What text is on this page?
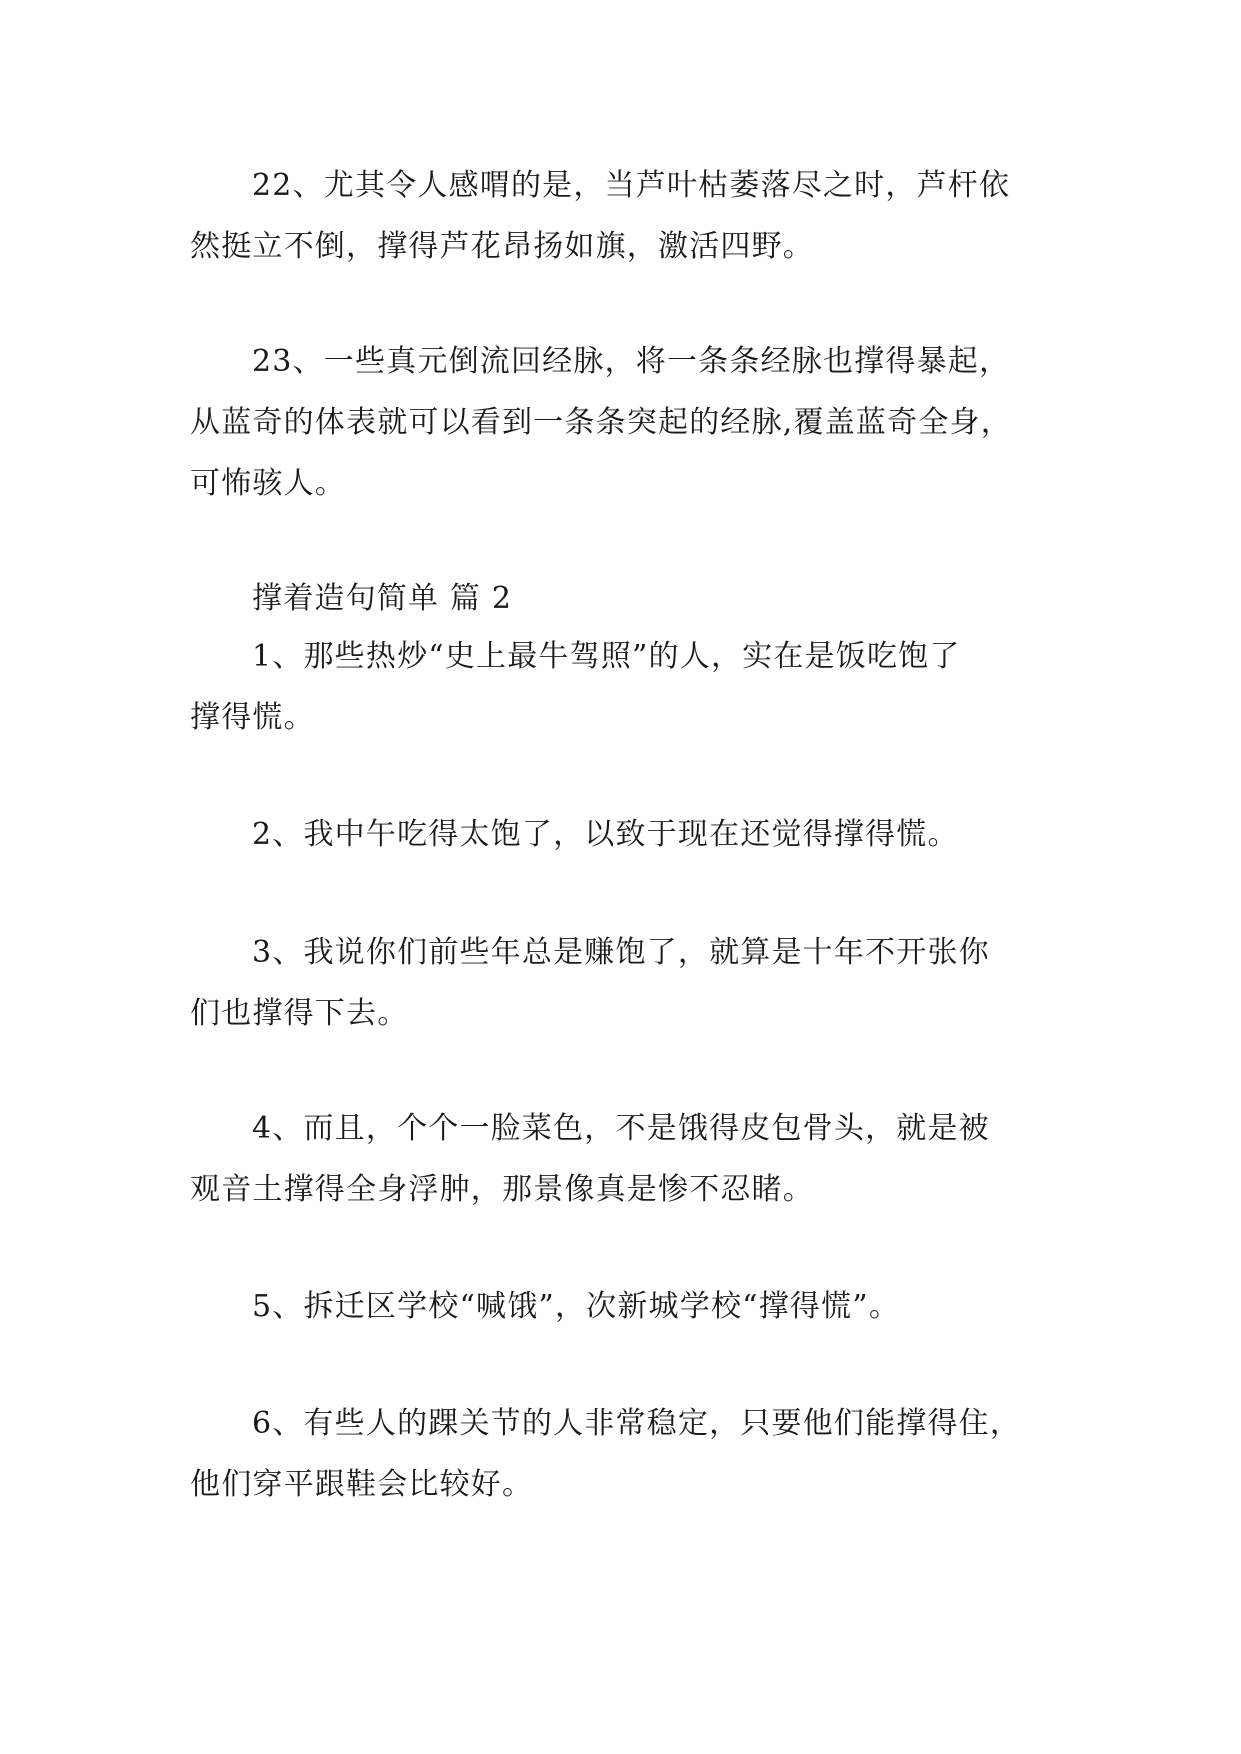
22、尤其令人感喟的是，当芦叶枯萎落尽之时，芦杆依
然挺立不倒，撑得芦花昂扬如旗，激活四野。
23、一些真元倒流回经脉，将一条条经脉也撑得暴起，
从蓝奇的体表就可以看到一条条突起的经脉,覆盖蓝奇全身，
可怖骇人。
撑着造句简单 篇 2
1、那些热炒“史上最牛驾照”的人，实在是饭吃饱了
撑得慌。
2、我中午吃得太饱了，以致于现在还觉得撑得慌。
3、我说你们前些年总是赚饱了，就算是十年不开张你
们也撑得下去。
4、而且，个个一脸菜色，不是饿得皮包骨头，就是被
观音土撑得全身浮肿，那景像真是惨不忍睹。
5、拆迁区学校“喊饿”，次新城学校“撑得慌”。
6、有些人的踝关节的人非常稳定，只要他们能撑得住，
他们穿平跟鞋会比较好。
